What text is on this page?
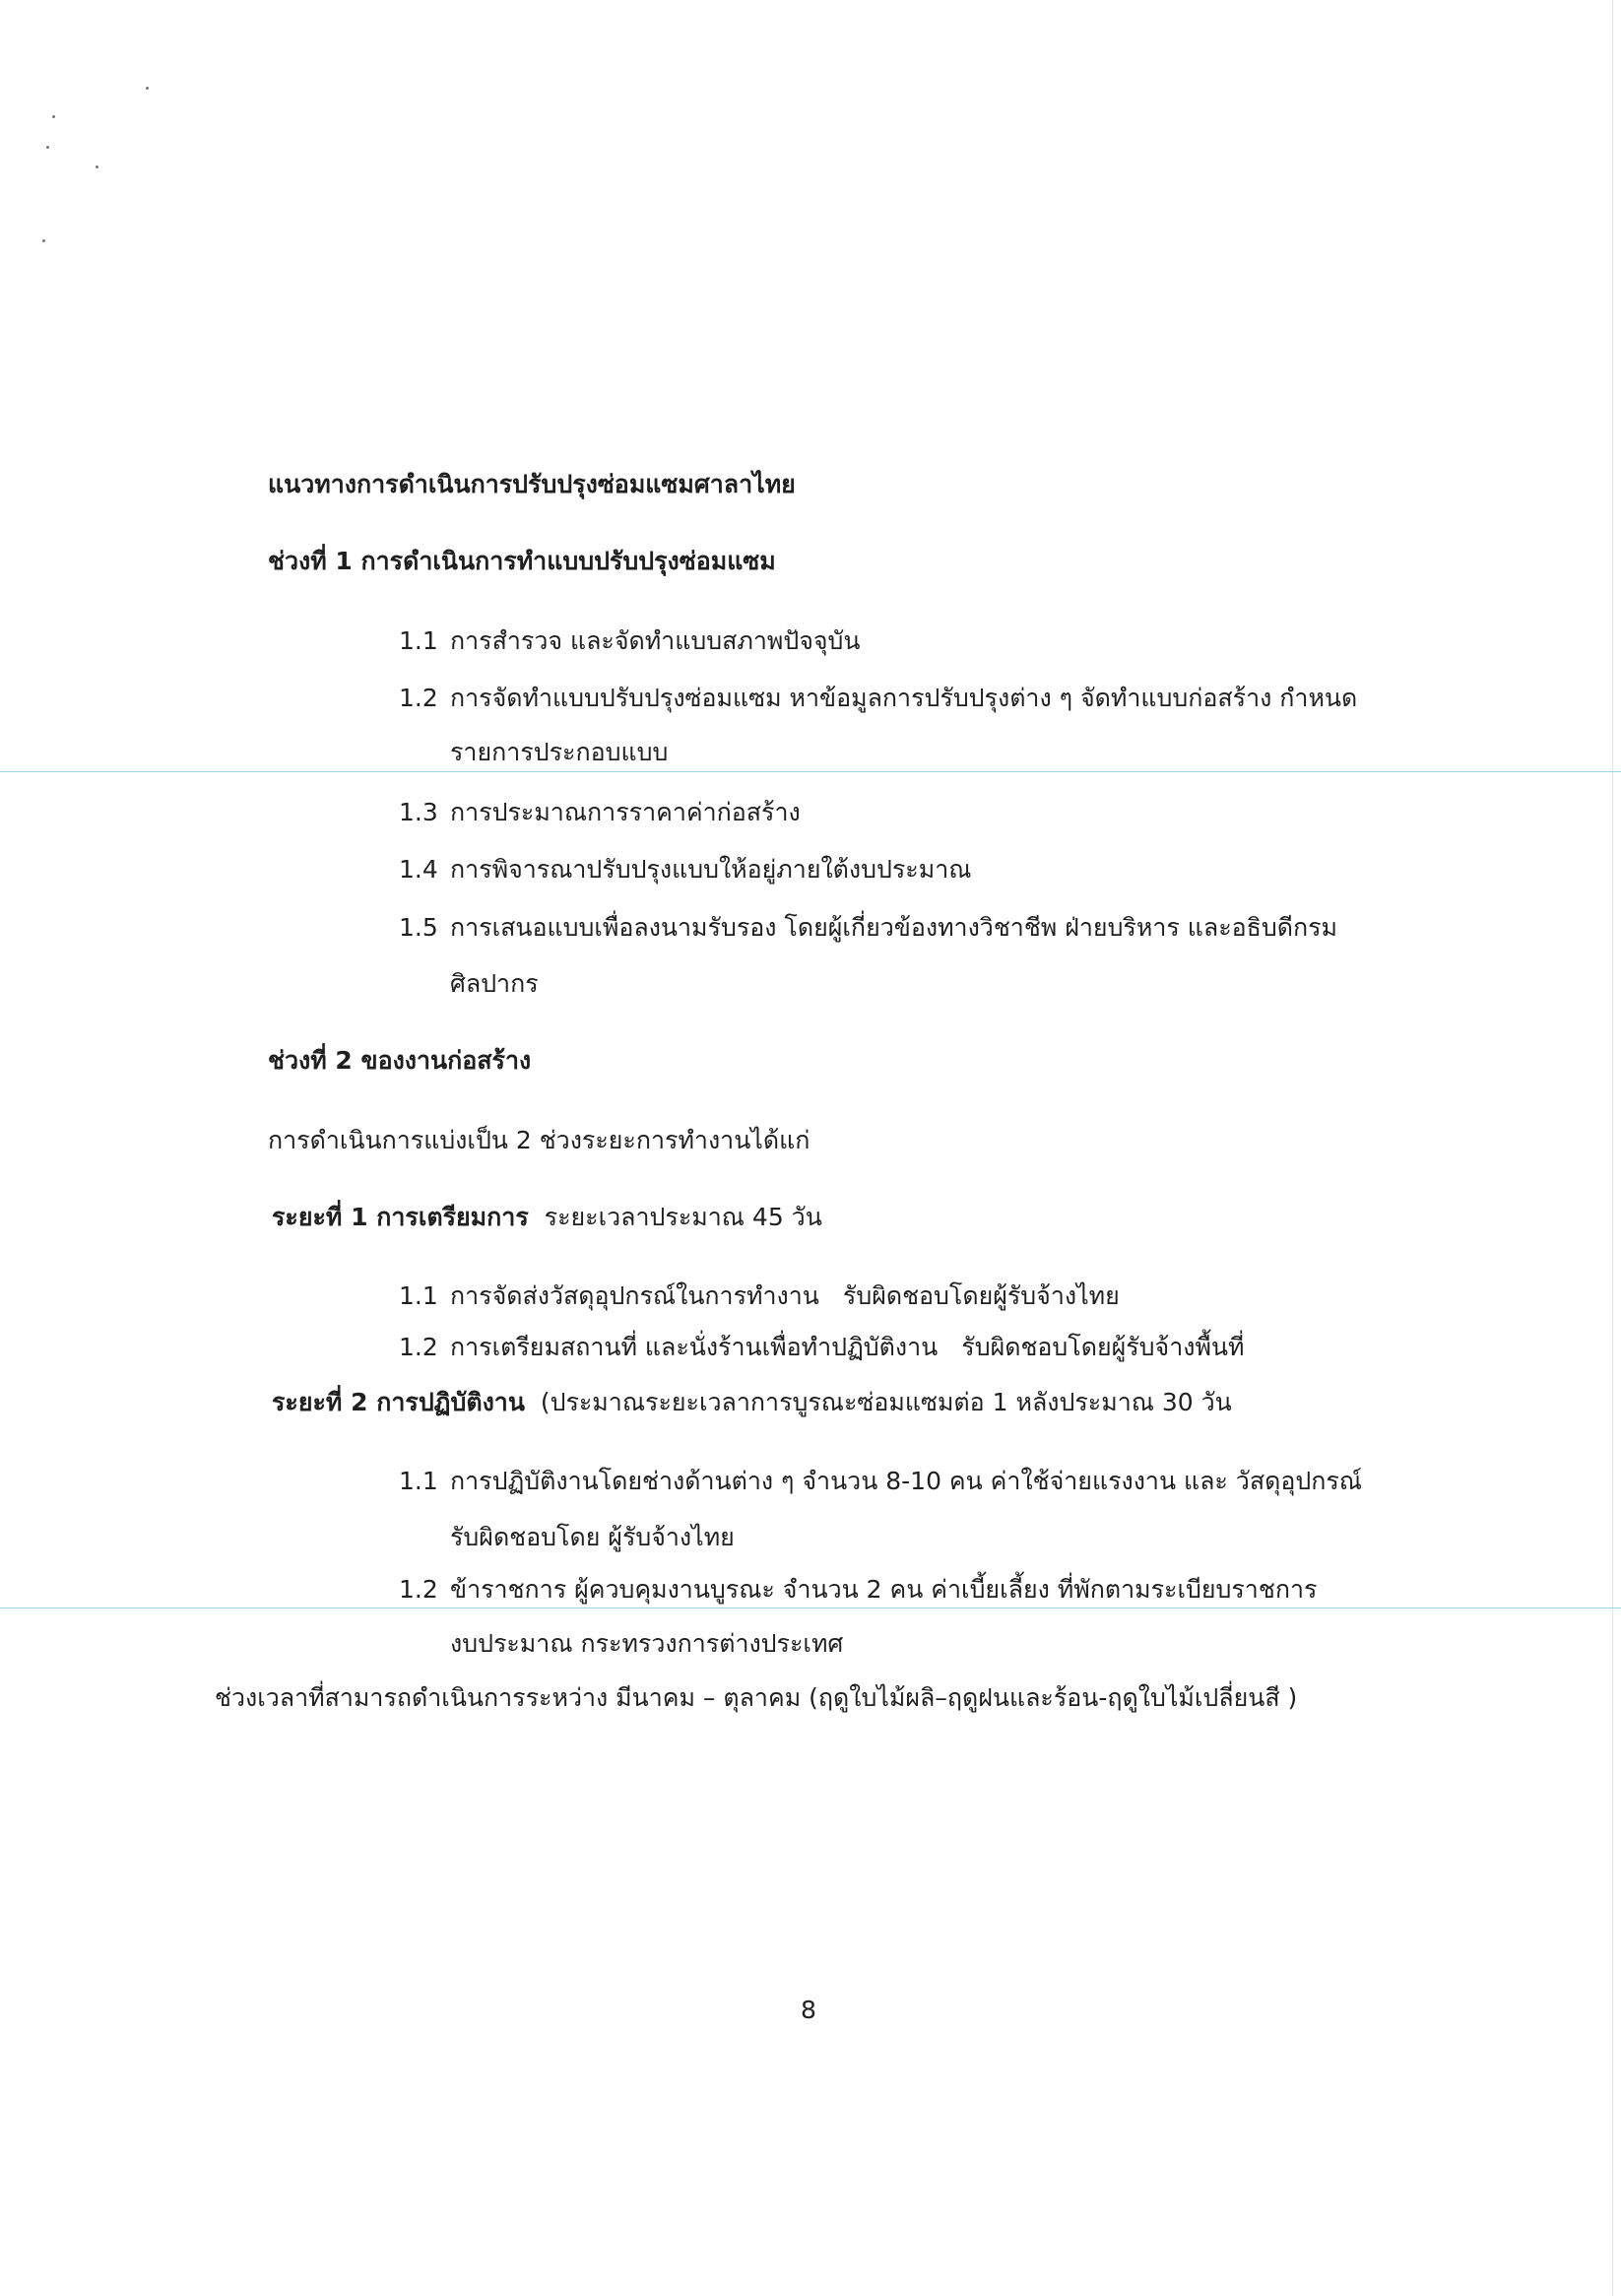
แนวทางการดำเนินการปรับปรุงซ่อมแซมศาลาไทย
ช่วงที่ 1 การดำเนินการทำแบบปรับปรุงซ่อมแซม
1.1 การสำรวจ และจัดทำแบบสภาพปัจจุบัน
1.2 การจัดทำแบบปรับปรุงซ่อมแซม หาข้อมูลการปรับปรุงต่าง ๆ จัดทำแบบก่อสร้าง กำหนด
รายการประกอบแบบ
1.3 การประมาณการราคาค่าก่อสร้าง
1.4 การพิจารณาปรับปรุงแบบให้อยู่ภายใต้งบประมาณ
1.5 การเสนอแบบเพื่อลงนามรับรอง โดยผู้เกี่ยวข้องทางวิชาชีพ ฝ่ายบริหาร และอธิบดีกรม
ศิลปากร
ช่วงที่ 2 ของงานก่อสร้าง
การดำเนินการแบ่งเป็น 2 ช่วงระยะการทำงานได้แก่
ระยะที่ 1 การเตรียมการ ระยะเวลาประมาณ 45 วัน
1.1 การจัดส่งวัสดุอุปกรณ์ในการทำงาน รับผิดชอบโดยผู้รับจ้างไทย
1.2 การเตรียมสถานที่ และนั่งร้านเพื่อทำปฏิบัติงาน รับผิดชอบโดยผู้รับจ้างพื้นที่
ระยะที่ 2 การปฏิบัติงาน (ประมาณระยะเวลาการบูรณะซ่อมแซมต่อ 1 หลังประมาณ 30 วัน
1.1 การปฏิบัติงานโดยช่างด้านต่าง ๆ จำนวน 8-10 คน ค่าใช้จ่ายแรงงาน และ วัสดุอุปกรณ์
รับผิดชอบโดย ผู้รับจ้างไทย
1.2 ข้าราชการ ผู้ควบคุมงานบูรณะ จำนวน 2 คน ค่าเบี้ยเลี้ยง ที่พักตามระเบียบราชการ
งบประมาณ กระทรวงการต่างประเทศ
ช่วงเวลาที่สามารถดำเนินการระหว่าง มีนาคม – ตุลาคม (ฤดูใบไม้ผลิ–ฤดูฝนและร้อน-ฤดูใบไม้เปลี่ยนสี )
8
